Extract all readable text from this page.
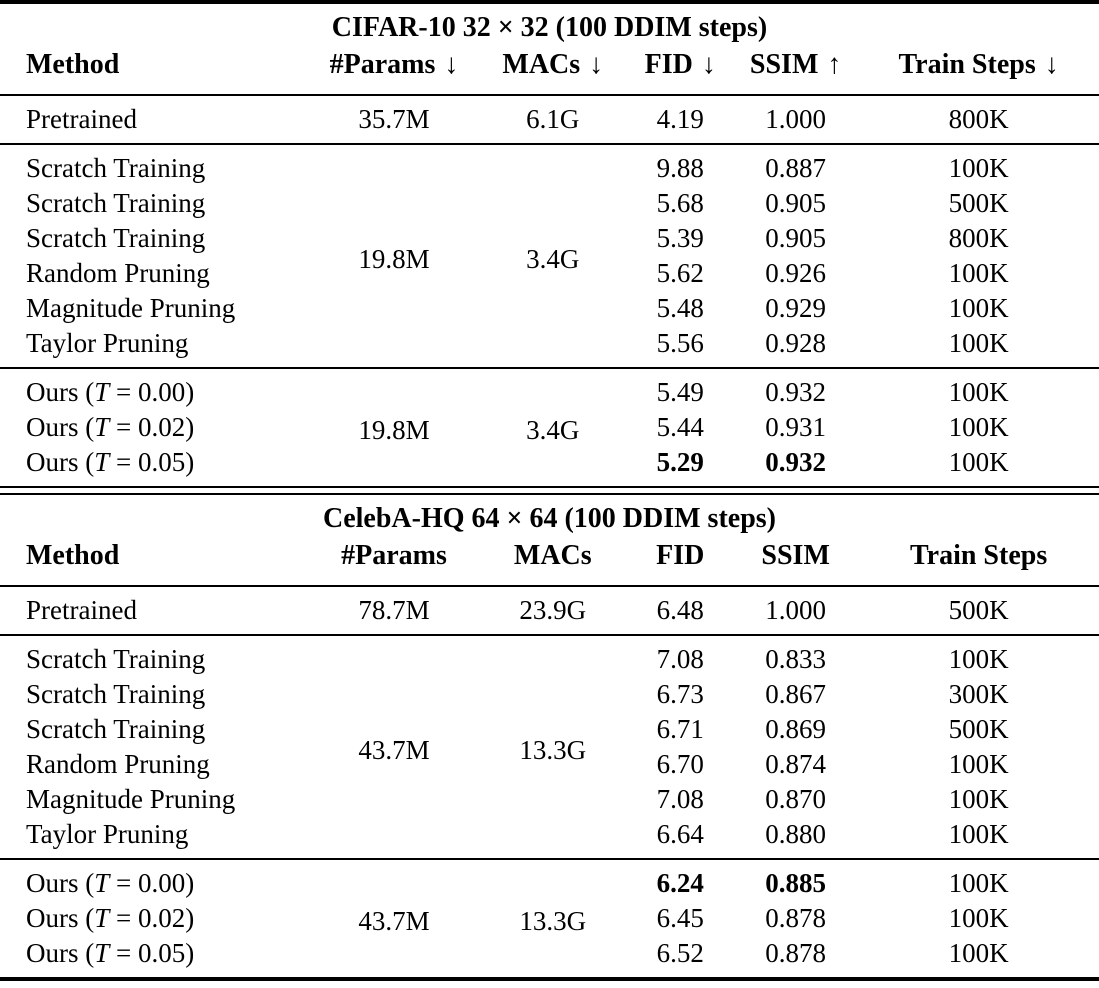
CIFAR-10 32 × 32 (100 DDIM steps)					
Method	#Params ↓	MACs ↓	FID ↓	SSIM ↑	Train Steps ↓
Pretrained	35.7M	6.1G	4.19	1.000	800K
Scratch Training	19.8M	3.4G	9.88	0.887	100K
Scratch Training			5.68	0.905	500K
Scratch Training			5.39	0.905	800K
Random Pruning			5.62	0.926	100K
Magnitude Pruning			5.48	0.929	100K
Taylor Pruning			5.56	0.928	100K
Ours (T = 0.00)	19.8M	3.4G	5.49	0.932	100K
Ours (T = 0.02)			5.44	0.931	100K
Ours (T = 0.05)			5.29	0.932	100K
CelebA-HQ 64 × 64 (100 DDIM steps)					
Method	#Params	MACs	FID	SSIM	Train Steps
Pretrained	78.7M	23.9G	6.48	1.000	500K
Scratch Training	43.7M	13.3G	7.08	0.833	100K
Scratch Training			6.73	0.867	300K
Scratch Training			6.71	0.869	500K
Random Pruning			6.70	0.874	100K
Magnitude Pruning			7.08	0.870	100K
Taylor Pruning			6.64	0.880	100K
Ours (T = 0.00)	43.7M	13.3G	6.24	0.885	100K
Ours (T = 0.02)			6.45	0.878	100K
Ours (T = 0.05)			6.52	0.878	100K
